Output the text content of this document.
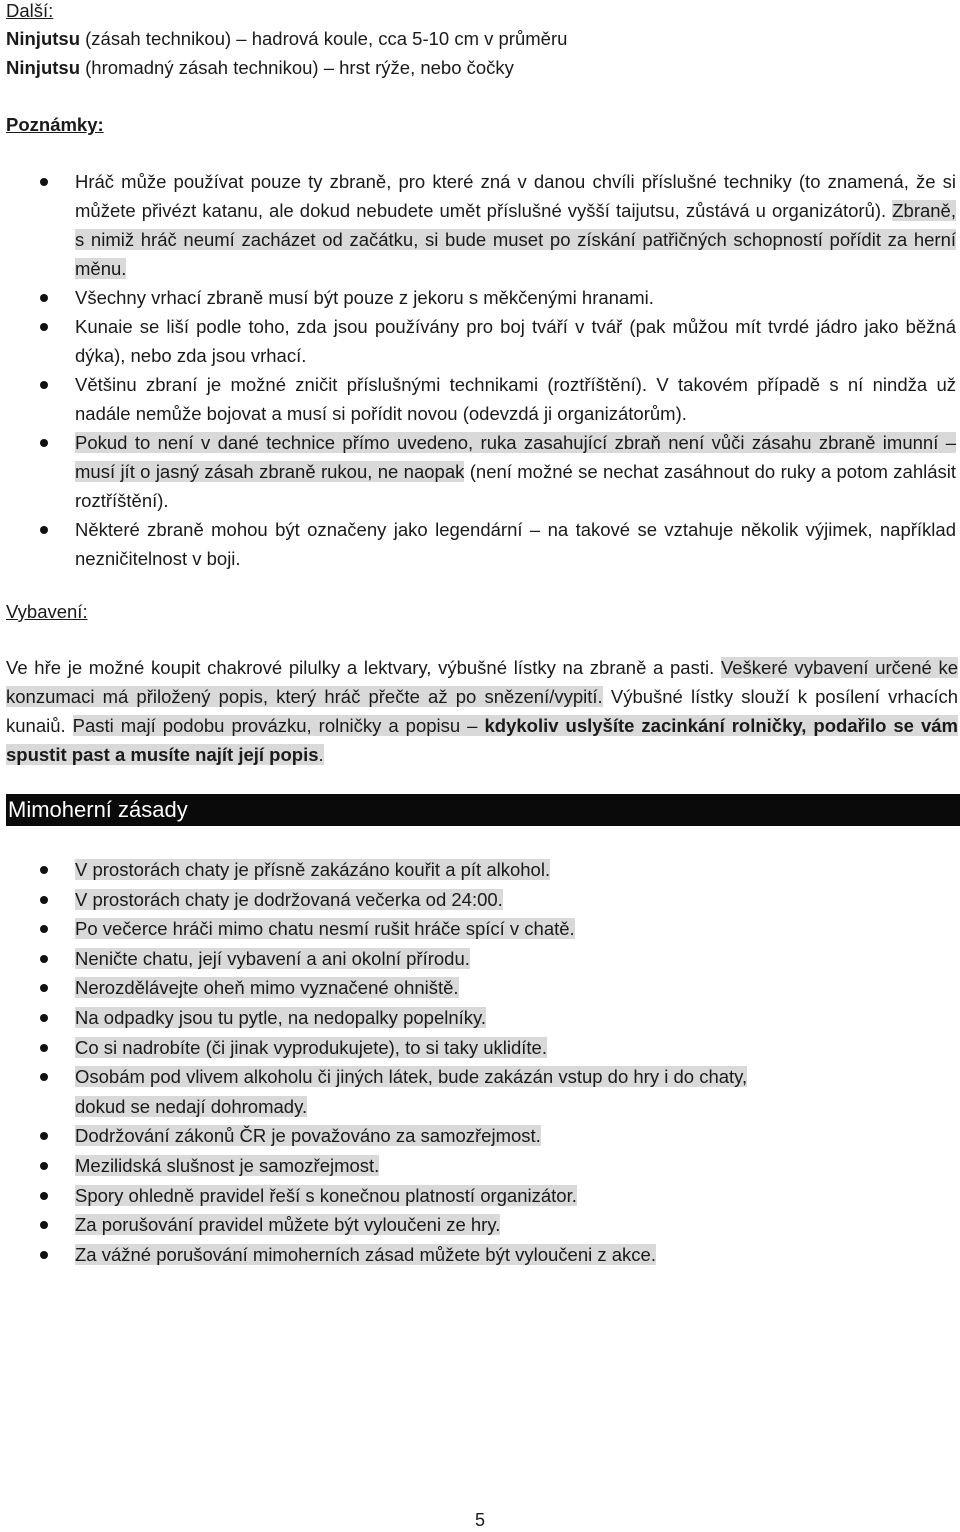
Další:
Ninjutsu (zásah technikou) – hadrová koule, cca 5-10 cm v průměru
Ninjutsu (hromadný zásah technikou) – hrst rýže, nebo čočky
Poznámky:
Hráč může používat pouze ty zbraně, pro které zná v danou chvíli příslušné techniky (to znamená, že si můžete přivézt katanu, ale dokud nebudete umět příslušné vyšší taijutsu, zůstává u organizátorů). Zbraně, s nimiž hráč neumí zacházet od začátku, si bude muset po získání patřičných schopností pořídit za herní měnu.
Všechny vrhací zbraně musí být pouze z jekoru s měkčenými hranami.
Kunaie se liší podle toho, zda jsou používány pro boj tváří v tvář (pak můžou mít tvrdé jádro jako běžná dýka), nebo zda jsou vrhací.
Většinu zbraní je možné zničit příslušnými technikami (roztříštění). V takovém případě s ní nindža už nadále nemůže bojovat a musí si pořídit novou (odevzdá ji organizátorům).
Pokud to není v dané technice přímo uvedeno, ruka zasahující zbraň není vůči zásahu zbraně imunní – musí jít o jasný zásah zbraně rukou, ne naopak (není možné se nechat zasáhnout do ruky a potom zahlásit roztříštění).
Některé zbraně mohou být označeny jako legendární – na takové se vztahuje několik výjimek, například nezničitelnost v boji.
Vybavení:
Ve hře je možné koupit chakrové pilulky a lektvary, výbušné lístky na zbraně a pasti. Veškeré vybavení určené ke konzumaci má přiložený popis, který hráč přečte až po snězení/vypití. Výbušné lístky slouží k posílení vrhacích kunaiů. Pasti mají podobu provázku, rolničky a popisu – kdykoliv uslyšíte zacinkání rolničky, podařilo se vám spustit past a musíte najít její popis.
Mimoherní zásady
V prostorách chaty je přísně zakázáno kouřit a pít alkohol.
V prostorách chaty je dodržovaná večerka od 24:00.
Po večerce hráči mimo chatu nesmí rušit hráče spící v chatě.
Neničte chatu, její vybavení a ani okolní přírodu.
Nerozdělávejte oheň mimo vyznačené ohniště.
Na odpadky jsou tu pytle, na nedopalky popelníky.
Co si nadrobíte (či jinak vyprodukujete), to si taky uklidíte.
Osobám pod vlivem alkoholu či jiných látek, bude zakázán vstup do hry i do chaty, dokud se nedají dohromady.
Dodržování zákonů ČR je považováno za samozřejmost.
Mezilidská slušnost je samozřejmost.
Spory ohledně pravidel řeší s konečnou platností organizátor.
Za porušování pravidel můžete být vyloučeni ze hry.
Za vážné porušování mimoherních zásad můžete být vyloučeni z akce.
5
